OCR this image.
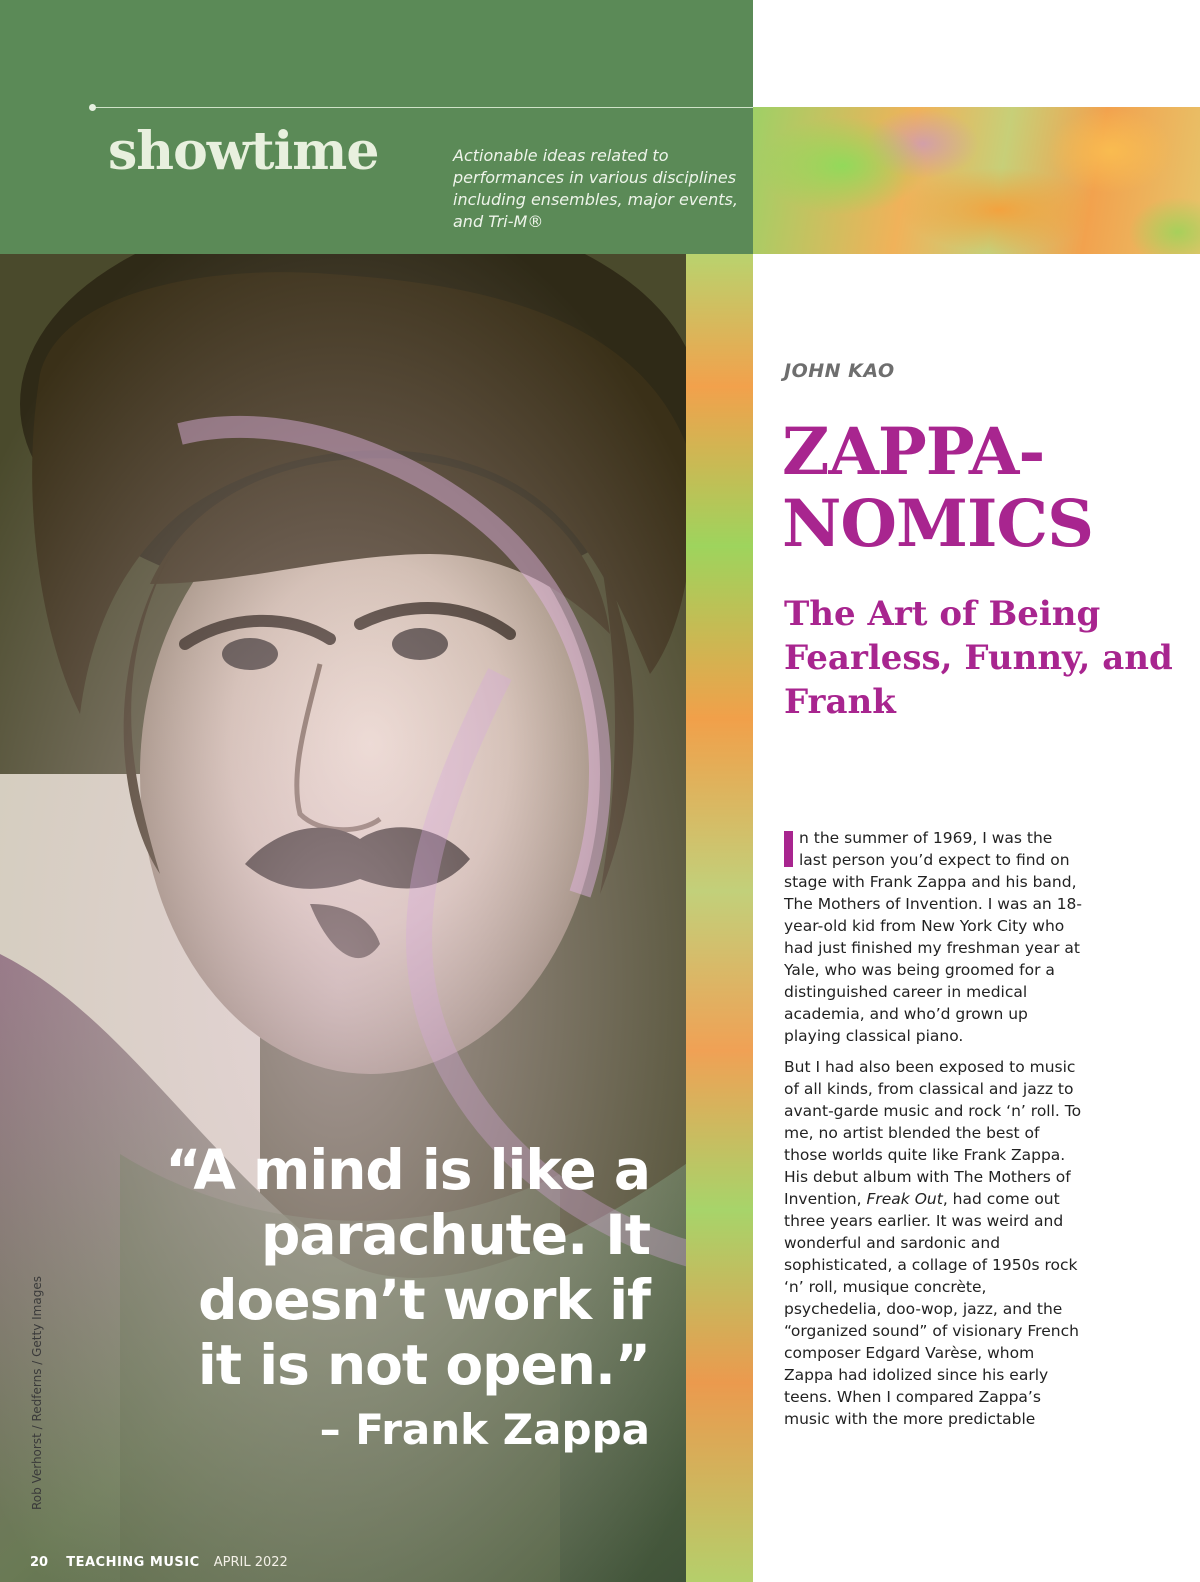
showtime	Actionable ideas related to performances in various disciplines including ensembles, major events, and Tri-M®
“A mind is like a parachute. It doesn’t work if it is not open.”
– Frank Zappa
Rob Verhorst / Redferns / Getty Images
20 TEACHING MUSIC APRIL 2022
JOHN KAO
ZAPPA-NOMICS
The Art of Being Fearless, Funny, and Frank

n the summer of 1969, I was the last person you’d expect to find on stage with Frank Zappa and his band, The Mothers of Invention. I was an 18-year-old kid from New York City who had just finished my freshman year at Yale, who was being groomed for a distinguished career in medical academia, and who’d grown up playing classical piano.

But I had also been exposed to music of all kinds, from classical and jazz to avant-garde music and rock ‘n’ roll. To me, no artist blended the best of those worlds quite like Frank Zappa. His debut album with The Mothers of Invention, Freak Out, had come out three years earlier. It was weird and wonderful and sardonic and sophisticated, a collage of 1950s rock ‘n’ roll, musique concrète, psychedelia, doo-wop, jazz, and the “organized sound” of visionary French composer Edgard Varèse, whom Zappa had idolized since his early teens. When I compared Zappa’s music with the more predictable
